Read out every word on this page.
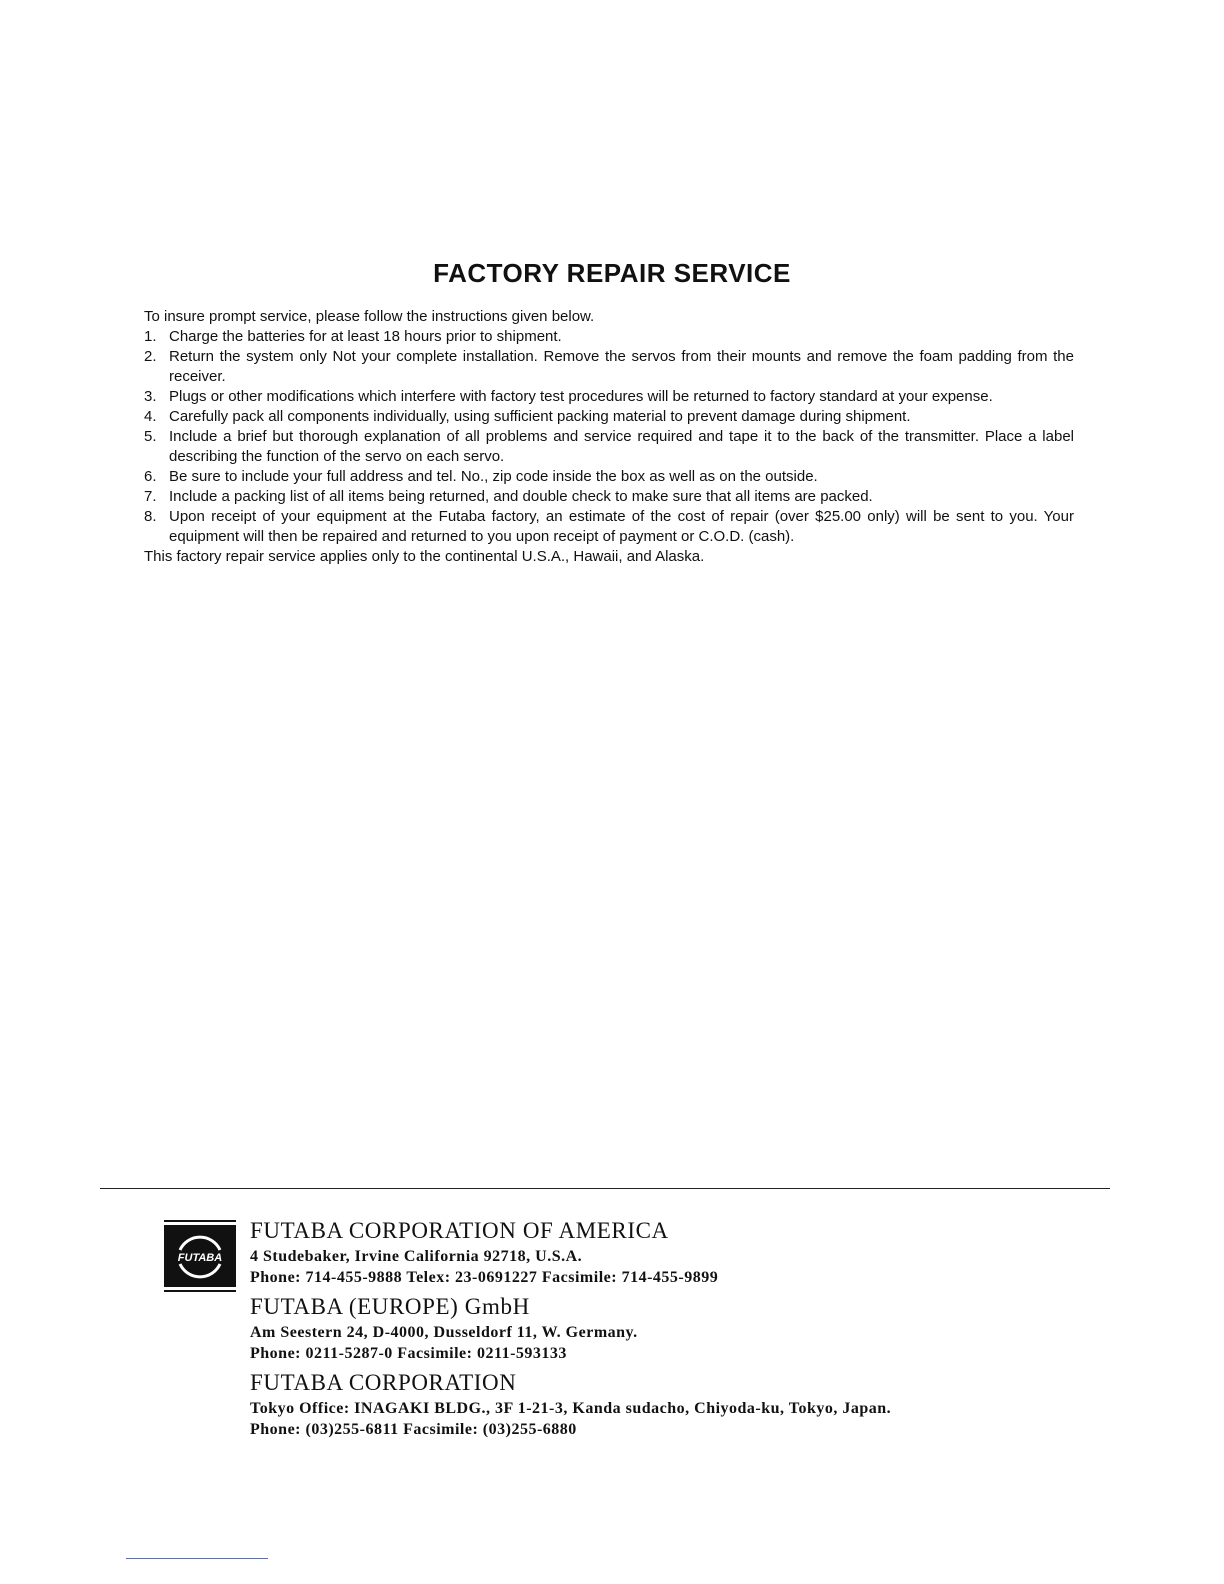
FACTORY REPAIR SERVICE
To insure prompt service, please follow the instructions given below.
1. Charge the batteries for at least 18 hours prior to shipment.
2. Return the system only Not your complete installation. Remove the servos from their mounts and remove the foam padding from the receiver.
3. Plugs or other modifications which interfere with factory test procedures will be returned to factory standard at your expense.
4. Carefully pack all components individually, using sufficient packing material to prevent damage during shipment.
5. Include a brief but thorough explanation of all problems and service required and tape it to the back of the transmitter. Place a label describing the function of the servo on each servo.
6. Be sure to include your full address and tel. No., zip code inside the box as well as on the outside.
7. Include a packing list of all items being returned, and double check to make sure that all items are packed.
8. Upon receipt of your equipment at the Futaba factory, an estimate of the cost of repair (over $25.00 only) will be sent to you. Your equipment will then be repaired and returned to you upon receipt of payment or C.O.D. (cash).
This factory repair service applies only to the continental U.S.A., Hawaii, and Alaska.
FUTABA
FUTABA CORPORATION OF AMERICA
4 Studebaker, Irvine California 92718, U.S.A.
Phone: 714-455-9888 Telex: 23-0691227 Facsimile: 714-455-9899
FUTABA (EUROPE) GmbH
Am Seestern 24, D-4000, Dusseldorf 11, W. Germany.
Phone: 0211-5287-0 Facsimile: 0211-593133
FUTABA CORPORATION
Tokyo Office: INAGAKI BLDG., 3F 1-21-3, Kanda sudacho, Chiyoda-ku, Tokyo, Japan.
Phone: (03)255-6811 Facsimile: (03)255-6880
